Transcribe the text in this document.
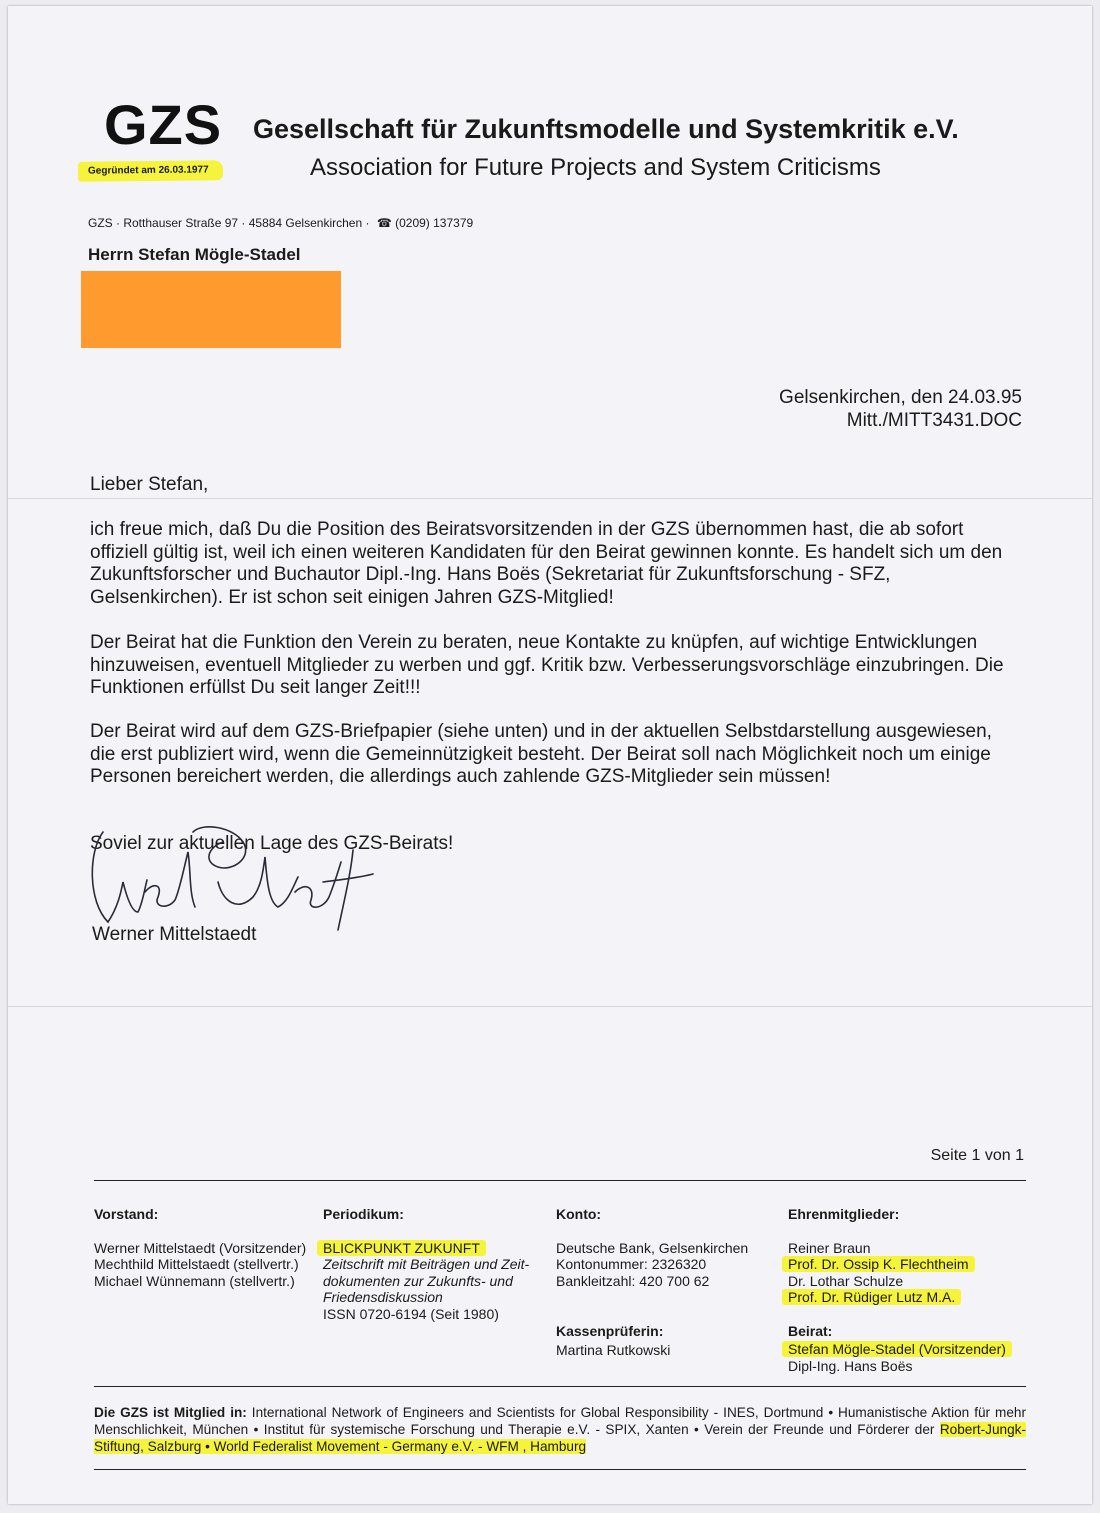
GZS Gesellschaft für Zukunftsmodelle und Systemkritik e.V.
Association for Future Projects and System Criticisms
Gegründet am 26.03.1977
GZS · Rotthauser Straße 97 · 45884 Gelsenkirchen · ☎ (0209) 137379
Herrn Stefan Mögle-Stadel
Gelsenkirchen, den 24.03.95
Mitt./MITT3431.DOC
Lieber Stefan,
ich freue mich, daß Du die Position des Beiratsvorsitzenden in der GZS übernommen hast, die ab sofort offiziell gültig ist, weil ich einen weiteren Kandidaten für den Beirat gewinnen konnte. Es handelt sich um den Zukunftsforscher und Buchautor Dipl.-Ing. Hans Boës (Sekretariat für Zukunftsforschung - SFZ, Gelsenkirchen). Er ist schon seit einigen Jahren GZS-Mitglied!
Der Beirat hat die Funktion den Verein zu beraten, neue Kontakte zu knüpfen, auf wichtige Entwicklungen hinzuweisen, eventuell Mitglieder zu werben und ggf. Kritik bzw. Verbesserungsvorschläge einzubringen. Die Funktionen erfüllst Du seit langer Zeit!!!
Der Beirat wird auf dem GZS-Briefpapier (siehe unten) und in der aktuellen Selbstdarstellung ausgewiesen, die erst publiziert wird, wenn die Gemeinnützigkeit besteht. Der Beirat soll nach Möglichkeit noch um einige Personen bereichert werden, die allerdings auch zahlende GZS-Mitglieder sein müssen!
Soviel zur aktuellen Lage des GZS-Beirats!
Werner Mittelstaedt
Seite 1 von 1
Vorstand:
Werner Mittelstaedt (Vorsitzender)
Mechthild Mittelstaedt (stellvertr.)
Michael Wünnemann (stellvertr.)
Periodikum:
BLICKPUNKT ZUKUNFT
Zeitschrift mit Beiträgen und Zeit-
dokumenten zur Zukunfts- und
Friedensdiskussion
ISSN 0720-6194 (Seit 1980)
Konto:
Deutsche Bank, Gelsenkirchen
Kontonummer: 2326320
Bankleitzahl: 420 700 62
Kassenprüferin:
Martina Rutkowski
Ehrenmitglieder:
Reiner Braun
Prof. Dr. Ossip K. Flechtheim
Dr. Lothar Schulze
Prof. Dr. Rüdiger Lutz M.A.
Beirat:
Stefan Mögle-Stadel (Vorsitzender)
Dipl-Ing. Hans Boës
Die GZS ist Mitglied in: International Network of Engineers and Scientists for Global Responsibility - INES, Dortmund • Humanistische Aktion für mehr Menschlichkeit, München • Institut für systemische Forschung und Therapie e.V. - SPIX, Xanten • Verein der Freunde und Förderer der Robert-Jungk-Stiftung, Salzburg • World Federalist Movement - Germany e.V. - WFM , Hamburg
